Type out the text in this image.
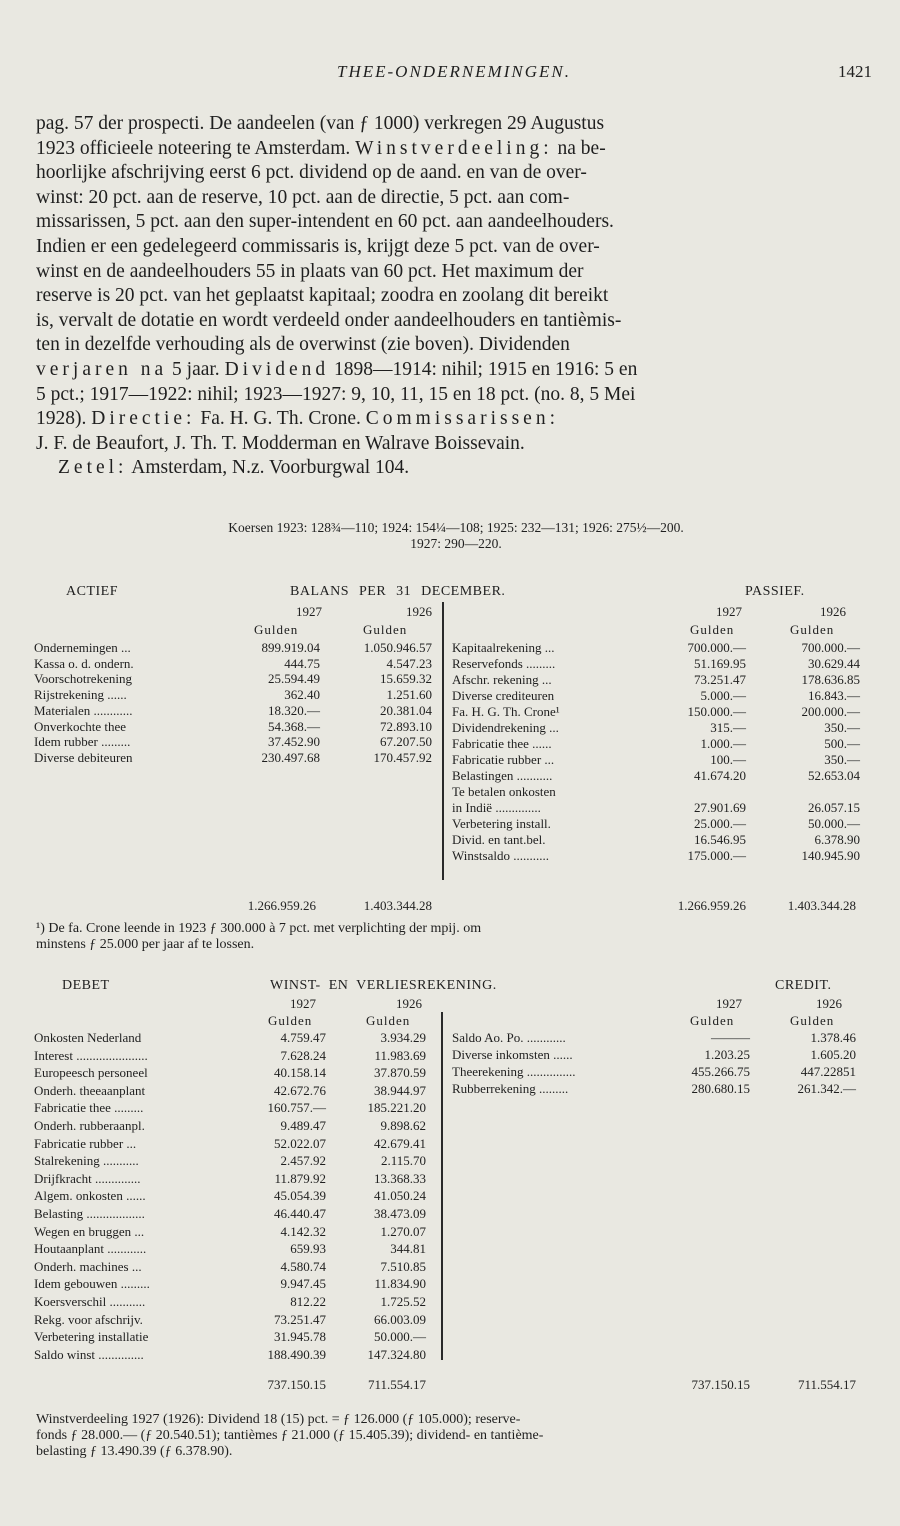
THEE-ONDERNEMINGEN.	1421

pag. 57 der prospecti. De aandeelen (van ƒ 1000) verkregen 29 Augustus

1923 officieele noteering te Amsterdam. Winstverdeeling: na be-

hoorlijke afschrijving eerst 6 pct. dividend op de aand. en van de over-

winst: 20 pct. aan de reserve, 10 pct. aan de directie, 5 pct. aan com-

missarissen, 5 pct. aan den super-intendent en 60 pct. aan aandeelhouders.

Indien er een gedelegeerd commissaris is, krijgt deze 5 pct. van de over-

winst en de aandeelhouders 55 in plaats van 60 pct. Het maximum der

reserve is 20 pct. van het geplaatst kapitaal; zoodra en zoolang dit bereikt

is, vervalt de dotatie en wordt verdeeld onder aandeelhouders en tantièmis-

ten in dezelfde verhouding als de overwinst (zie boven). Dividenden

verjaren na 5 jaar. Dividend 1898—1914: nihil; 1915 en 1916: 5 en

5 pct.; 1917—1922: nihil; 1923—1927: 9, 10, 11, 15 en 18 pct. (no. 8, 5 Mei

1928). Directie: Fa. H. G. Th. Crone. Commissarissen:

J. F. de Beaufort, J. Th. T. Modderman en Walrave Boissevain.

Zetel: Amsterdam, N.z. Voorburgwal 104.

Koersen 1923: 128¾—110; 1924: 154¼—108; 1925: 232—131; 1926: 275½—200.
1927: 290—220.
ACTIEF	BALANS PER 31 DECEMBER.	PASSIEF.
1927	1926
Gulden	Gulden
1927	1926
Gulden	Gulden
Ondernemingen ...	899.919.04	1.050.946.57
Kassa o. d. ondern.	444.75	4.547.23
Voorschotrekening	25.594.49	15.659.32
Rijstrekening ......	362.40	1.251.60
Materialen ............	18.320.—	20.381.04
Onverkochte thee	54.368.—	72.893.10
Idem rubber .........	37.452.90	67.207.50
Diverse debiteuren	230.497.68	170.457.92
Kapitaalrekening ...	700.000.—	700.000.—
Reservefonds .........	51.169.95	30.629.44
Afschr. rekening ...	73.251.47	178.636.85
Diverse crediteuren	5.000.—	16.843.—
Fa. H. G. Th. Crone¹	150.000.—	200.000.—
Dividendrekening ...	315.—	350.—
Fabricatie thee ......	1.000.—	500.—
Fabricatie rubber ...	100.—	350.—
Belastingen ...........	41.674.20	52.653.04
Te betalen onkosten
in Indië ..............	27.901.69	26.057.15
Verbetering install.	25.000.—	50.000.—
Divid. en tant.bel.	16.546.95	6.378.90
Winstsaldo ...........	175.000.—	140.945.90
1.266.959.26	1.403.344.28	1.266.959.26	1.403.344.28
¹) De fa. Crone leende in 1923 ƒ 300.000 à 7 pct. met verplichting der mpij. om
minstens ƒ 25.000 per jaar af te lossen.
DEBET	WINST- EN VERLIESREKENING.	CREDIT.
1927	1926
Gulden	Gulden
1927	1926
Gulden	Gulden
Onkosten Nederland	4.759.47	3.934.29
Interest ......................	7.628.24	11.983.69
Europeesch personeel	40.158.14	37.870.59
Onderh. theeaanplant	42.672.76	38.944.97
Fabricatie thee .........	160.757.—	185.221.20
Onderh. rubberaanpl.	9.489.47	9.898.62
Fabricatie rubber ...	52.022.07	42.679.41
Stalrekening ...........	2.457.92	2.115.70
Drijfkracht ..............	11.879.92	13.368.33
Algem. onkosten ......	45.054.39	41.050.24
Belasting ..................	46.440.47	38.473.09
Wegen en bruggen ...	4.142.32	1.270.07
Houtaanplant ............	659.93	344.81
Onderh. machines ...	4.580.74	7.510.85
Idem gebouwen .........	9.947.45	11.834.90
Koersverschil ...........	812.22	1.725.52
Rekg. voor afschrijv.	73.251.47	66.003.09
Verbetering installatie	31.945.78	50.000.—
Saldo winst ..............	188.490.39	147.324.80
Saldo Ao. Po. ............	———	1.378.46
Diverse inkomsten ......	1.203.25	1.605.20
Theerekening ...............	455.266.75	447.22851
Rubberrekening .........	280.680.15	261.342.—
737.150.15	711.554.17	737.150.15	711.554.17
Winstverdeeling 1927 (1926): Dividend 18 (15) pct. = ƒ 126.000 (ƒ 105.000); reserve-
fonds ƒ 28.000.— (ƒ 20.540.51); tantièmes ƒ 21.000 (ƒ 15.405.39); dividend- en tantième-
belasting ƒ 13.490.39 (ƒ 6.378.90).
